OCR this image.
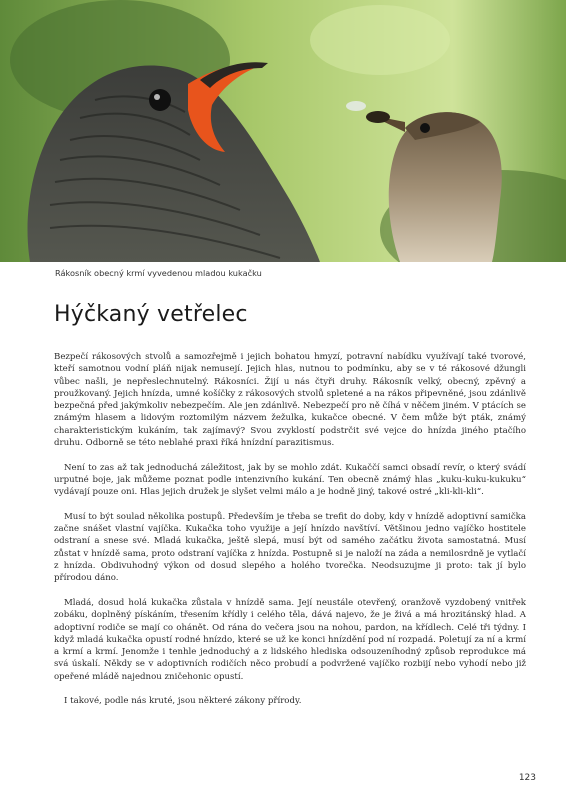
Rákosník obecný krmí vyvedenou mladou kukačku
Hýčkaný vetřelec

Bezpečí rákosových stvolů a samozřejmě i jejich bohatou hmyzí, potravní nabídku využívají také tvorové, kteří samotnou vodní pláň nijak nemusejí. Jejich hlas, nutnou to podmínku, aby se v té rákosové džungli vůbec našli, je nepřeslechnutelný. Rákosníci. Žijí u nás čtyři druhy. Rákosník velký, obecný, zpěvný a proužkovaný. Jejich hnízda, umné košíčky z rákosových stvolů spletené a na rákos připevněné, jsou zdánlivě bezpečná před jakýmkoliv nebezpečím. Ale jen zdánlivě. Nebezpečí pro ně číhá v něčem jiném. V ptácích se známým hlasem a lidovým roztomilým názvem žežulka, kukačce obecné. V čem může být pták, známý charakteristickým kukáním, tak zajímavý? Svou zvyklostí podstrčit své vejce do hnízda jiného ptačího druhu. Odborně se této neblahé praxi říká hnízdní parazitismus.

Není to zas až tak jednoduchá záležitost, jak by se mohlo zdát. Kukaččí samci obsadí revír, o který svádí urputné boje, jak můžeme poznat podle intenzivního kukání. Ten obecně známý hlas „kuku-kuku-kukuku“ vydávají pouze oni. Hlas jejich družek je slyšet velmi málo a je hodně jiný, takové ostré „kli-kli-kli“.

Musí to být soulad několika postupů. Především je třeba se trefit do doby, kdy v hnízdě adoptivní samička začne snášet vlastní vajíčka. Kukačka toho využije a její hnízdo navštíví. Většinou jedno vajíčko hostitele odstraní a snese své. Mladá kukačka, ještě slepá, musí být od samého začátku života samostatná. Musí zůstat v hnízdě sama, proto odstraní vajíčka z hnízda. Postupně si je naloží na záda a nemilosrdně je vytlačí z hnízda. Obdivuhodný výkon od dosud slepého a holého tvorečka. Neodsuzujme ji proto: tak jí bylo přírodou dáno.

Mladá, dosud holá kukačka zůstala v hnízdě sama. Její neustále otevřený, oranžově vyzdobený vnitřek zobáku, doplněný pískáním, třesením křídly i celého těla, dává najevo, že je živá a má hrozitánský hlad. A adoptivní rodiče se mají co ohánět. Od rána do večera jsou na nohou, pardon, na křídlech. Celé tři týdny. I když mladá kukačka opustí rodné hnízdo, které se už ke konci hnízdění pod ní rozpadá. Poletují za ní a krmí a krmí a krmí. Jenomže i tenhle jednoduchý a z lidského hlediska odsouzeníhodný způsob reprodukce má svá úskalí. Někdy se v adoptivních rodičích něco probudí a podvržené vajíčko rozbijí nebo vyhodí nebo již opeřené mládě najednou zničehonic opustí.

I takové, podle nás kruté, jsou některé zákony přírody.

123
